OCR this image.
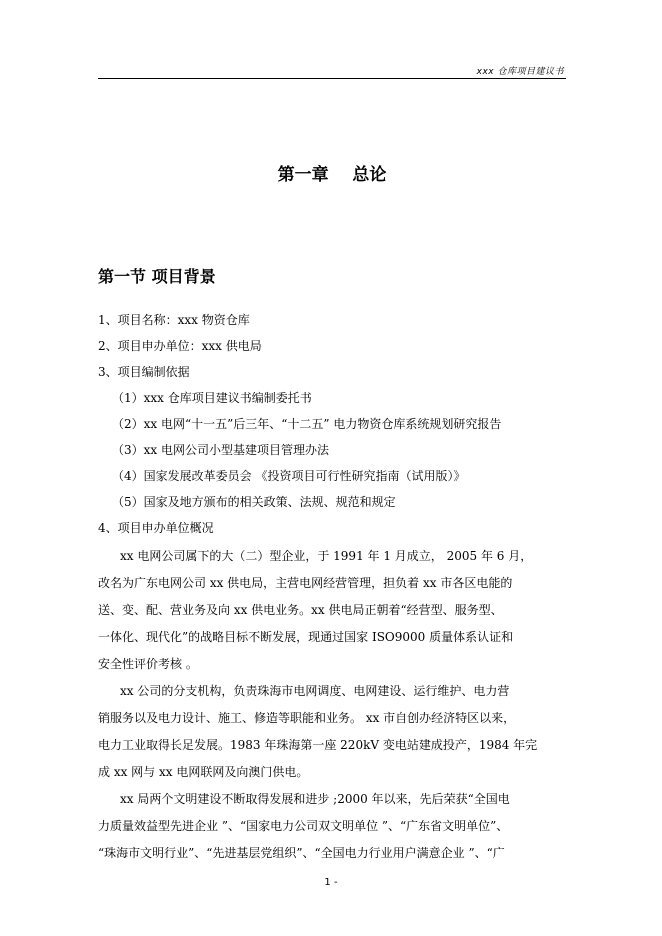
xxx 仓库项目建议书
第一章    总论
第一节 项目背景
1、项目名称：xxx 物资仓库
2、项目申办单位：xxx 供电局
3、项目编制依据
（1）xxx 仓库项目建议书编制委托书
（2）xx 电网“十一五”后三年、“十二五” 电力物资仓库系统规划研究报告
（3）xx 电网公司小型基建项目管理办法
（4）国家发展改革委员会 《投资项目可行性研究指南（试用版）》
（5）国家及地方颁布的相关政策、法规、规范和规定
4、项目申办单位概况
xx 电网公司属下的大（二）型企业，于 1991 年 1 月成立， 2005 年 6 月，
改名为广东电网公司 xx 供电局，主营电网经营管理，担负着 xx 市各区电能的
送、变、配、营业务及向 xx 供电业务。xx 供电局正朝着“经营型、服务型、
一体化、现代化”的战略目标不断发展，现通过国家 ISO9000 质量体系认证和
安全性评价考核 。
xx 公司的分支机构，负责珠海市电网调度、电网建设、运行维护、电力营
销服务以及电力设计、施工、修造等职能和业务。 xx 市自创办经济特区以来，
电力工业取得长足发展。1983 年珠海第一座 220kV 变电站建成投产，1984 年完
成 xx 网与 xx 电网联网及向澳门供电。
xx 局两个文明建设不断取得发展和进步 ;2000 年以来，先后荣获“全国电
力质量效益型先进企业 ”、“国家电力公司双文明单位 ”、“广东省文明单位”、
“珠海市文明行业”、“先进基层党组织”、“全国电力行业用户满意企业 ”、“广
1 -
